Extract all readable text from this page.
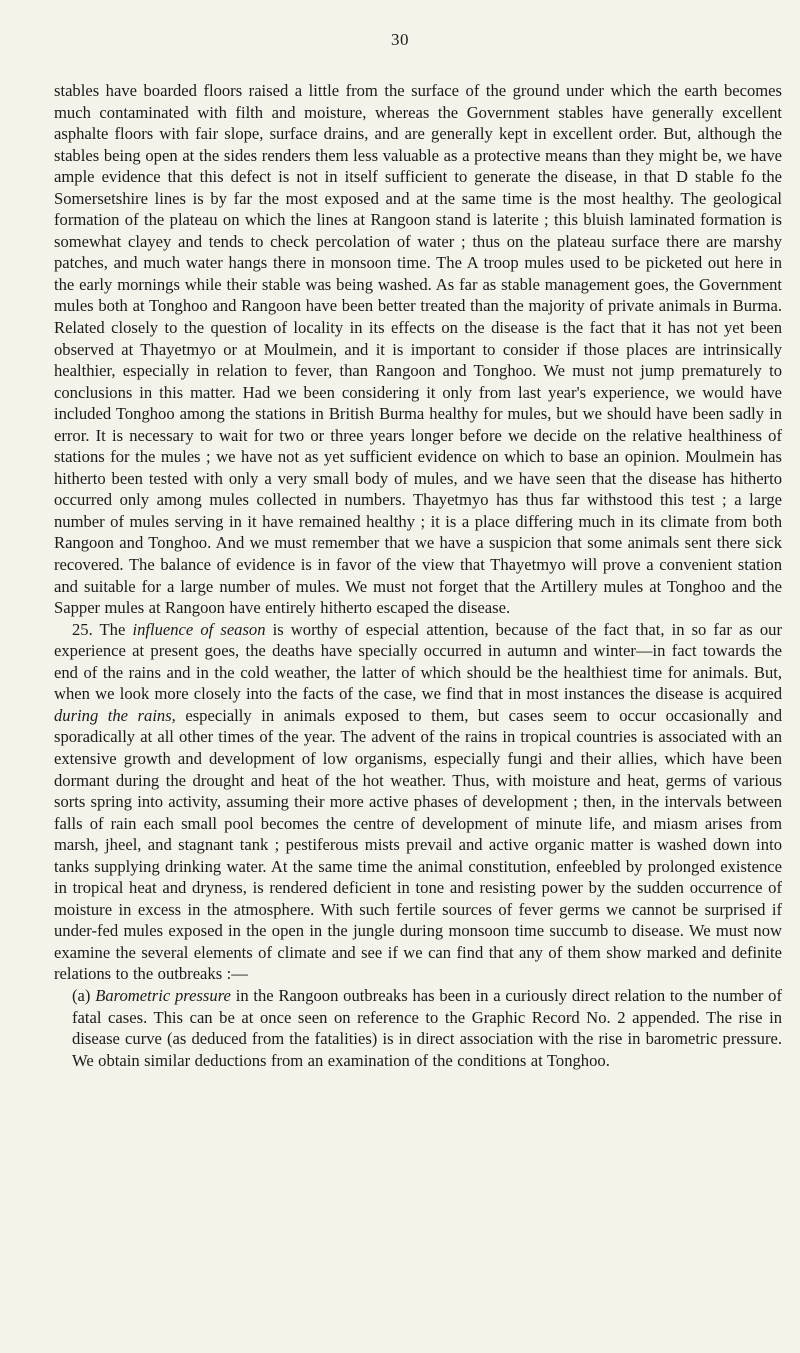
30

stables have boarded floors raised a little from the surface of the ground under which the earth becomes much contaminated with filth and moisture, whereas the Government stables have generally excellent asphalte floors with fair slope, surface drains, and are generally kept in excellent order. But, although the stables being open at the sides renders them less valuable as a protective means than they might be, we have ample evidence that this defect is not in itself sufficient to generate the disease, in that D stable fo the Somersetshire lines is by far the most exposed and at the same time is the most healthy. The geological formation of the plateau on which the lines at Rangoon stand is laterite ; this bluish laminated formation is somewhat clayey and tends to check percolation of water ; thus on the plateau surface there are marshy patches, and much water hangs there in monsoon time. The A troop mules used to be picketed out here in the early mornings while their stable was being washed. As far as stable management goes, the Government mules both at Tonghoo and Rangoon have been better treated than the majority of private animals in Burma. Related closely to the question of locality in its effects on the disease is the fact that it has not yet been observed at Thayetmyo or at Moulmein, and it is important to consider if those places are intrinsically healthier, especially in relation to fever, than Rangoon and Tonghoo. We must not jump prematurely to conclusions in this matter. Had we been considering it only from last year's experience, we would have included Tonghoo among the stations in British Burma healthy for mules, but we should have been sadly in error. It is necessary to wait for two or three years longer before we decide on the relative healthiness of stations for the mules ; we have not as yet sufficient evidence on which to base an opinion. Moulmein has hitherto been tested with only a very small body of mules, and we have seen that the disease has hitherto occurred only among mules collected in numbers. Thayetmyo has thus far withstood this test ; a large number of mules serving in it have remained healthy ; it is a place differing much in its climate from both Rangoon and Tonghoo. And we must remember that we have a suspicion that some animals sent there sick recovered. The balance of evidence is in favor of the view that Thayetmyo will prove a convenient station and suitable for a large number of mules. We must not forget that the Artillery mules at Tonghoo and the Sapper mules at Rangoon have entirely hitherto escaped the disease.

25. The influence of season is worthy of especial attention, because of the fact that, in so far as our experience at present goes, the deaths have specially occurred in autumn and winter—in fact towards the end of the rains and in the cold weather, the latter of which should be the healthiest time for animals. But, when we look more closely into the facts of the case, we find that in most instances the disease is acquired during the rains, especially in animals exposed to them, but cases seem to occur occasionally and sporadically at all other times of the year. The advent of the rains in tropical countries is associated with an extensive growth and development of low organisms, especially fungi and their allies, which have been dormant during the drought and heat of the hot weather. Thus, with moisture and heat, germs of various sorts spring into activity, assuming their more active phases of development ; then, in the intervals between falls of rain each small pool becomes the centre of development of minute life, and miasm arises from marsh, jheel, and stagnant tank ; pestiferous mists prevail and active organic matter is washed down into tanks supplying drinking water. At the same time the animal constitution, enfeebled by prolonged existence in tropical heat and dryness, is rendered deficient in tone and resisting power by the sudden occurrence of moisture in excess in the atmosphere. With such fertile sources of fever germs we cannot be surprised if under-fed mules exposed in the open in the jungle during monsoon time succumb to disease. We must now examine the several elements of climate and see if we can find that any of them show marked and definite relations to the outbreaks :—

(a) Barometric pressure in the Rangoon outbreaks has been in a curiously direct relation to the number of fatal cases. This can be at once seen on reference to the Graphic Record No. 2 appended. The rise in disease curve (as deduced from the fatalities) is in direct association with the rise in barometric pressure. We obtain similar deductions from an examination of the conditions at Tonghoo.
